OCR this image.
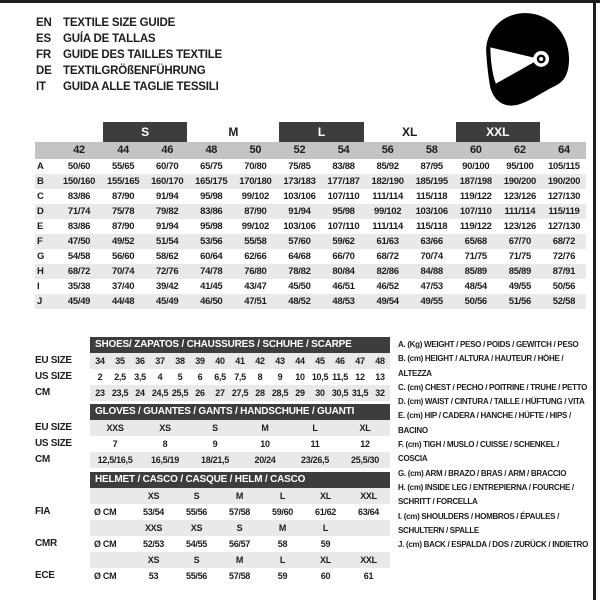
EN TEXTILE SIZE GUIDE
ES	GUÍA DE TALLAS
FR	GUIDE DES TAILLES TEXTILE
DE TEXTILGRÖßENFÜHRUNG
IT	GUIDA ALLE TAGLIE TESSILI
S	M	L	XL	XXL
42	44	46	48	50	52	54	56	58	60	62	64
A	50/60	55/65	60/70	65/75	70/80	75/85	83/88	85/92	87/95	90/100	95/100	105/115
B	150/160	155/165	160/170	165/175	170/180	173/183	177/187	182/190	185/195	187/198	190/200	190/200
C	83/86	87/90	91/94	95/98	99/102	103/106	107/110	111/114	115/118	119/122	123/126	127/130
D	71/74	75/78	79/82	83/86	87/90	91/94	95/98	99/102	103/106	107/110	111/114	115/119
E	83/86	87/90	91/94	95/98	99/102	103/106	107/110	111/114	115/118	119/122	123/126	127/130
F	47/50	49/52	51/54	53/56	55/58	57/60	59/62	61/63	63/66	65/68	67/70	68/72
G	54/58	56/60	58/62	60/64	62/66	64/68	66/70	68/72	70/74	71/75	71/75	72/76
H	68/72	70/74	72/76	74/78	76/80	78/82	80/84	82/86	84/88	85/89	85/89	87/91
I	35/38	37/40	39/42	41/45	43/47	45/50	46/51	46/52	47/53	48/54	49/55	50/56
J	45/49	44/48	45/49	46/50	47/51	48/52	48/53	49/54	49/55	50/56	51/56	52/58
SHOES/ ZAPATOS / CHAUSSURES / SCHUHE / SCARPE
EU SIZE	34	35	36	37	38	39	40	41	42	43	44	45	46	47	48
US SIZE	2	2,5 3,5	4	5	6	6,5 7,5	8	9	10 10,5 11,5 12	13
CM	23 23,5 24 24,5 25,5 26	27 27,5 28 28,5 29	30 30,5 31,5 32
GLOVES / GUANTES / GANTS / HANDSCHUHE / GUANTI
EU SIZE	XXS	XS	S	M	L	XL
US SIZE	7	8	9	10	11	12
CM	12,5/16,5	16,5/19	18/21,5	20/24	23/26,5	25,5/30
HELMET / CASCO / CASQUE / HELM / CASCO
XS	S	M	L	XL	XXL
FIA	Ø CM	53/54	55/56	57/58	59/60	61/62	63/64
XXS	XS	S	M	L
CMR	Ø CM	52/53	54/55	56/57	58	59
XS	S	M	L	XL	XXL
ECE	Ø CM	53	55/56	57/58	59	60	61
A. (Kg) WEIGHT / PESO / POIDS / GEWITCH / PESO
B. (cm) HEIGHT / ALTURA / HAUTEUR / HÖHE / ALTEZZA
C. (cm) CHEST / PECHO / POITRINE / TRUHE / PETTO
D. (cm) WAIST / CINTURA / TAILLE / HÜFTUNG / VITA
E. (cm) HIP / CADERA / HANCHE / HÜFTE / HIPS / BACINO
F. (cm) TIGH / MUSLO / CUISSE / SCHENKEL / COSCIA
G. (cm) ARM / BRAZO / BRAS / ARM / BRACCIO
H. (cm) INSIDE LEG / ENTREPIERNA / FOURCHE / SCHRITT / FORCELLA
I. (cm) SHOULDERS / HOMBROS / ÉPAULES / SCHULTERN / SPALLE
J. (cm) BACK / ESPALDA / DOS / ZURÜCK / INDIETRO
